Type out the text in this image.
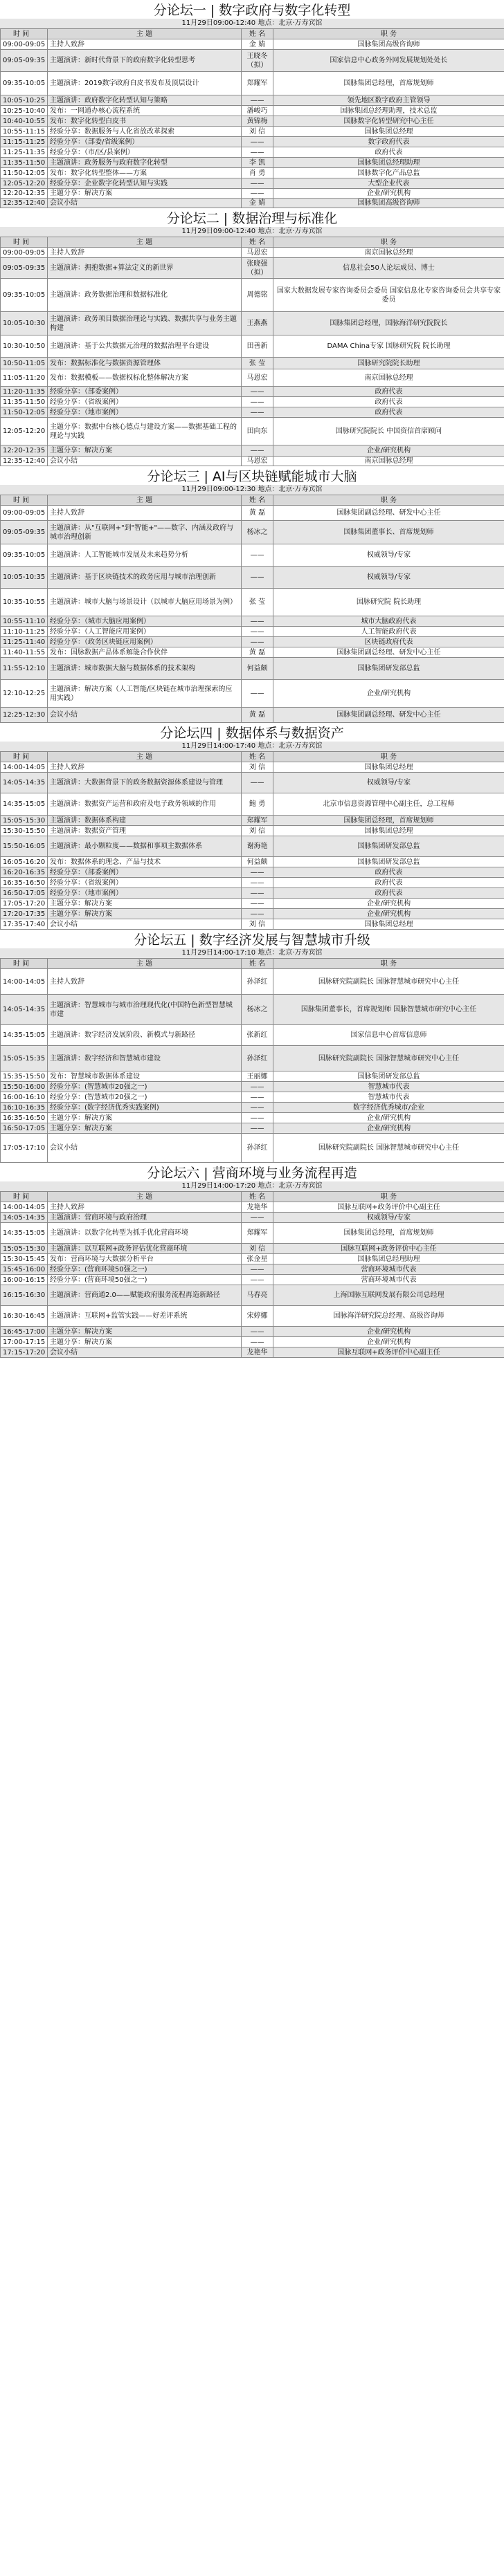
分论坛一 | 数字政府与数字化转型
11月29日09:00-12:40 地点：北京·万寿宾馆
时 间	主 题	姓 名	职 务
09:00-09:05	主持人致辞	金 婧	国脉集团高级咨询师
09:05-09:35	主题演讲：新时代背景下的政府数字化转型思考	王晓冬（拟）	国家信息中心政务外网发展规划处处长
09:35-10:05	主题演讲：2019数字政府白皮书发布及顶层设计	郑耀军	国脉集团总经理，首席规划师
10:05-10:25	主题演讲：政府数字化转型认知与策略	——	领先地区数字政府主管领导
10:25-10:40	发布：一网通办核心流程系统	潘峻巧	国脉集团总经理助理，技术总监
10:40-10:55	发布：数字化转型白皮书	黄锦梅	国脉数字化转型研究中心主任
10:55-11:15	经验分享：数据服务与人化省放改革探索	刘 信	国脉集团总经理
11:15-11:25	经验分享：（部委/省级案例）	——	数字政府代表
11:25-11:35	经验分享：（市/区/县案例）	——	政府代表
11:35-11:50	主题演讲：政务服务与政府数字化转型	李 凯	国脉集团总经理助理
11:50-12:05	发布：数字化转型整体——方案	肖 勇	国脉数字化产品总监
12:05-12:20	经验分享：企业数字化转型认知与实践	——	大型企业代表
12:20-12:35	主题分享：解决方案	——	企业/研究机构
12:35-12:40	会议小结	金 婧	国脉集团高级咨询师
分论坛二 | 数据治理与标准化
11月29日09:00-12:40 地点：北京·万寿宾馆
时 间	主 题	姓 名	职 务
09:00-09:05	主持人致辞	马恩宏	南京国脉总经理
09:05-09:35	主题演讲：拥抱数据+算法定义的新世界	张晓强（拟）	信息社会50人论坛成员、博士
09:35-10:05	主题演讲：政务数据治理和数据标准化	周德铭	国家大数据发展专家咨询委员会委员 国家信息化专家咨询委员会共享专家委员
10:05-10:30	主题演讲：政务项目数据治理论与实践、数据共享与业务主题构建	王燕燕	国脉集团总经理，国脉海洋研究院院长
10:30-10:50	主题演讲：基于公共数据元治理的数据治理平台建设	田善新	DAMA China专家 国脉研究院 院长助理
10:50-11:05	发布：数据标准化与数据资源管理体	张 莹	国脉研究院院长助理
11:05-11:20	发布：数据模板——数据权标化整体解决方案	马恩宏	南京国脉总经理
11:20-11:35	经验分享：（部委案例）	——	政府代表
11:35-11:50	经验分享：（省级案例）	——	政府代表
11:50-12:05	经验分享：（地市案例）	——	政府代表
12:05-12:20	主题分享：数据中台核心德点与建设方案——数据基础工程的理论与实践	田向东	国脉研究院院长 中国资信首席顾问
12:20-12:35	主题分享：解决方案	——	企业/研究机构
12:35-12:40	会议小结	马恩宏	南京国脉总经理
分论坛三 | AI与区块链赋能城市大脑
11月29日09:00-12:30 地点：北京·万寿宾馆
时 间	主 题	姓 名	职 务
09:00-09:05	主持人致辞	黄 磊	国脉集团副总经理、研发中心主任
09:05-09:35	主题演讲：从"互联网+"到"智能+"——数字、内涵及政府与城市治理创新	杨冰之	国脉集团董事长、首席规划师
09:35-10:05	主题演讲：人工智能城市发展及未来趋势分析	——	权威领导/专家
10:05-10:35	主题演讲：基于区块链技术的政务应用与城市治理创新	——	权威领导/专家
10:35-10:55	主题演讲：城市大脑与场景设计（以城市大脑应用场景为例）	张 莹	国脉研究院 院长助理
10:55-11:10	经验分享：（城市大脑应用案例）	——	城市大脑政府代表
11:10-11:25	经验分享：（人工智能应用案例）	——	人工智能政府代表
11:25-11:40	经验分享：（政务区块链应用案例）	——	区块链政府代表
11:40-11:55	发布：国脉数据产品体系解能合作伙伴	黄 磊	国脉集团副总经理、研发中心主任
11:55-12:10	主题演讲：城市数据大脑与数据体系的技术架构	何益颇	国脉集团研发部总监
12:10-12:25	主题演讲：解决方案（人工智能/区块链在城市治理探索的应用实践）	——	企业/研究机构
12:25-12:30	会议小结	黄 磊	国脉集团副总经理、研发中心主任
分论坛四 | 数据体系与数据资产
11月29日14:00-17:40 地点：北京·万寿宾馆
时 间	主 题	姓 名	职 务
14:00-14:05	主持人致辞	刘 信	国脉集团总经理
14:05-14:35	主题演讲：大数据背景下的政务数据资源体系建设与管理	——	权威领导/专家
14:35-15:05	主题演讲：数据资产运营和政府及电子政务领域的作用	鲍 勇	北京市信息资源管理中心副主任，总工程师
15:05-15:30	主题演讲：数据体系构建	郑耀军	国脉集团总经理，首席规划师
15:30-15:50	主题演讲：数据资产管理	刘 信	国脉集团总经理
15:50-16:05	主题演讲：最小颗粒度——数据和事项主数据体系	谢海艳	国脉集团研发部总监
16:05-16:20	发布：数据体系的理念、产品与技术	何益颇	国脉集团研发部总监
16:20-16:35	经验分享：（部委案例）	——	政府代表
16:35-16:50	经验分享：（省级案例）	——	政府代表
16:50-17:05	经验分享：（地市案例）	——	政府代表
17:05-17:20	主题分享：解决方案	——	企业/研究机构
17:20-17:35	主题分享：解决方案	——	企业/研究机构
17:35-17:40	会议小结	刘 信	国脉集团总经理
分论坛五 | 数字经济发展与智慧城市升级
11月29日14:00-17:10 地点：北京·万寿宾馆
时 间	主 题	姓 名	职 务
14:00-14:05	主持人致辞	孙泽红	国脉研究院副院长 国脉智慧城市研究中心主任
14:05-14:35	主题演讲：智慧城市与城市治理现代化(中国特色新型智慧城市建	杨冰之	国脉集团董事长，首席规划师 国脉智慧城市研究中心主任
14:35-15:05	主题演讲：数字经济发展阶段、新模式与新路径	张新红	国家信息中心首席信息师
15:05-15:35	主题演讲：数字经济和智慧城市建设	孙泽红	国脉研究院副院长 国脉智慧城市研究中心主任
15:35-15:50	发布：智慧城市数据体系建设	王丽娜	国脉集团研发部总监
15:50-16:00	经验分享：(智慧城市20强之一)	——	智慧城市代表
16:00-16:10	经验分享：(智慧城市20强之一)	——	智慧城市代表
16:10-16:35	经验分享：(数字经济优秀实践案例)	——	数字经济优秀城市/企业
16:35-16:50	主题分享：解决方案	——	企业/研究机构
16:50-17:05	主题分享：解决方案	——	企业/研究机构
17:05-17:10	会议小结	孙泽红	国脉研究院副院长 国脉智慧城市研究中心主任
分论坛六 | 营商环境与业务流程再造
11月29日14:00-17:20 地点：北京·万寿宾馆
时 间	主 题	姓 名	职 务
14:00-14:05	主持人致辞	龙艳华	国脉互联网+政务评价中心副主任
14:05-14:35	主题演讲：营商环境与政府治理	——	权威领导/专家
14:35-15:05	主题演讲：以数字化转型为抓手优化营商环境	郑耀军	国脉集团总经理，首席规划师
15:05-15:30	主题演讲：以互联网+政务评估优化营商环境	刘 信	国脉互联网+政务评价中心主任
15:30-15:45	发布：营商环境与大数据分析平台	张金星	国脉集团总经理助理
15:45-16:00	经验分享：(营商环境50强之一)	——	营商环境城市代表
16:00-16:15	经验分享：(营商环境50强之一)	——	营商环境城市代表
16:15-16:30	主题演讲：营商通2.0——赋能政府服务流程再造新路径	马春亮	上海国脉互联网发展有限公司总经理
16:30-16:45	主题演讲：互联网+监管实践——好差评系统	宋婷娜	国脉海洋研究院总经理、高级咨询师
16:45-17:00	主题分享：解决方案	——	企业/研究机构
17:00-17:15	主题分享：解决方案	——	企业/研究机构
17:15-17:20	会议小结	龙艳华	国脉互联网+政务评价中心副主任
